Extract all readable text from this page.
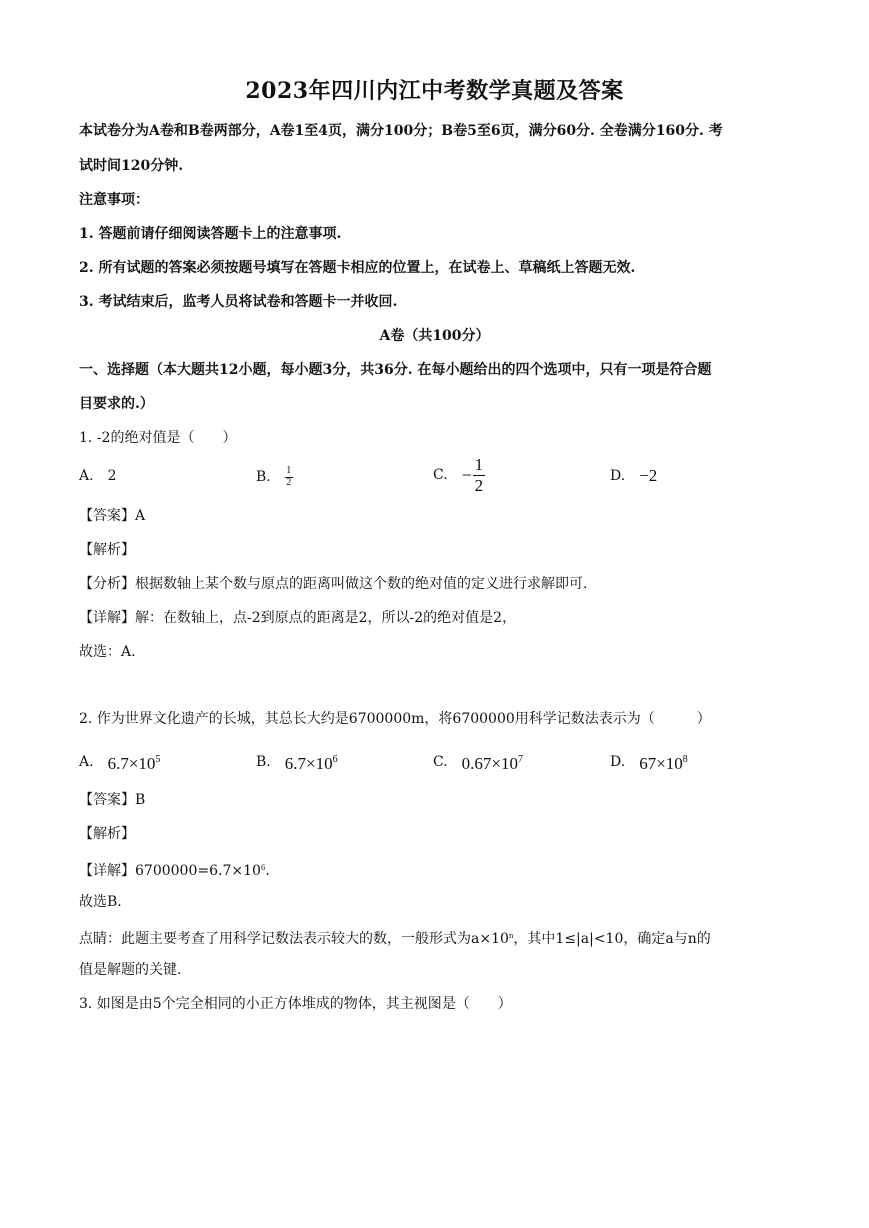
2023年四川内江中考数学真题及答案
本试卷分为A卷和B卷两部分，A卷1至4页，满分100分；B卷5至6页，满分60分. 全卷满分160分. 考
试时间120分钟.
注意事项：
1. 答题前请仔细阅读答题卡上的注意事项.
2. 所有试题的答案必须按题号填写在答题卡相应的位置上，在试卷上、草稿纸上答题无效.
3. 考试结束后，监考人员将试卷和答题卡一并收回.
A卷（共100分）
一、选择题（本大题共12小题，每小题3分，共36分. 在每小题给出的四个选项中，只有一项是符合题
目要求的.）
1. -2的绝对值是（　　）
A. 2	B. $\frac{1}{2}$	C. − $\frac{1}{2}$	D. −2
【答案】A
【解析】
【分析】根据数轴上某个数与原点的距离叫做这个数的绝对值的定义进行求解即可.
【详解】解：在数轴上，点-2到原点的距离是2，所以-2的绝对值是2，
故选：A.
2. 作为世界文化遗产的长城，其总长大约是6700000m，将6700000用科学记数法表示为（　　　）
A. $6.7\times 10^5$	B. $6.7\times 10^6$	C. $0.67\times 10^7$	D. $67\times 10^8$
【答案】B
【解析】
【详解】$6700000=6.7\times 10^6$.
故选B.
点睛：此题主要考查了用科学记数法表示较大的数，一般形式为$a\times 10^n$，其中1≤|a|<10，确定a与n的
值是解题的关键.
3. 如图是由5个完全相同的小正方体堆成的物体，其主视图是（　　）
